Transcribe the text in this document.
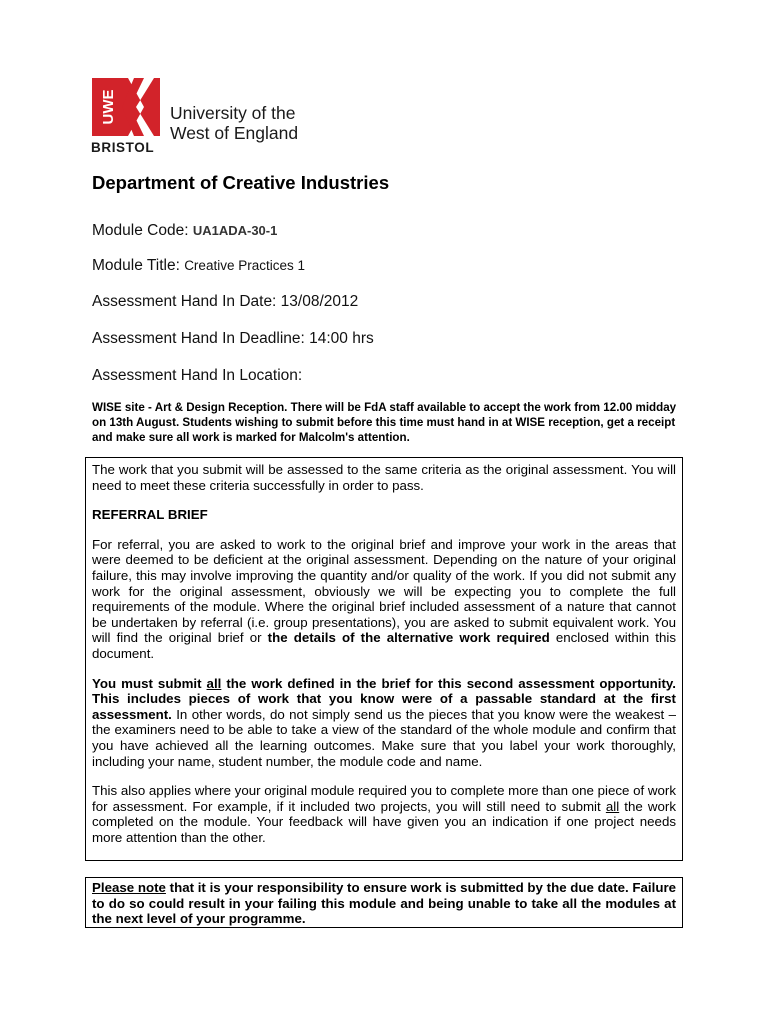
UWE	University of the
West of England
BRISTOL
Department of Creative Industries
Module Code: UA1ADA-30-1
Module Title: Creative Practices 1
Assessment Hand In Date: 13/08/2012
Assessment Hand In Deadline: 14:00 hrs
Assessment Hand In Location:
WISE site - Art & Design Reception. There will be FdA staff available to accept the work from 12.00 midday on 13th August. Students wishing to submit before this time must hand in at WISE reception, get a receipt and make sure all work is marked for Malcolm's attention.

The work that you submit will be assessed to the same criteria as the original assessment. You will need to meet these criteria successfully in order to pass.

REFERRAL BRIEF

For referral, you are asked to work to the original brief and improve your work in the areas that were deemed to be deficient at the original assessment. Depending on the nature of your original failure, this may involve improving the quantity and/or quality of the work. If you did not submit any work for the original assessment, obviously we will be expecting you to complete the full requirements of the module. Where the original brief included assessment of a nature that cannot be undertaken by referral (i.e. group presentations), you are asked to submit equivalent work. You will find the original brief or the details of the alternative work required enclosed within this document.

You must submit all the work defined in the brief for this second assessment opportunity. This includes pieces of work that you know were of a passable standard at the first assessment. In other words, do not simply send us the pieces that you know were the weakest – the examiners need to be able to take a view of the standard of the whole module and confirm that you have achieved all the learning outcomes. Make sure that you label your work thoroughly, including your name, student number, the module code and name.

This also applies where your original module required you to complete more than one piece of work for assessment. For example, if it included two projects, you will still need to submit all the work completed on the module. Your feedback will have given you an indication if one project needs more attention than the other.

Please note that it is your responsibility to ensure work is submitted by the due date. Failure to do so could result in your failing this module and being unable to take all the modules at the next level of your programme.
